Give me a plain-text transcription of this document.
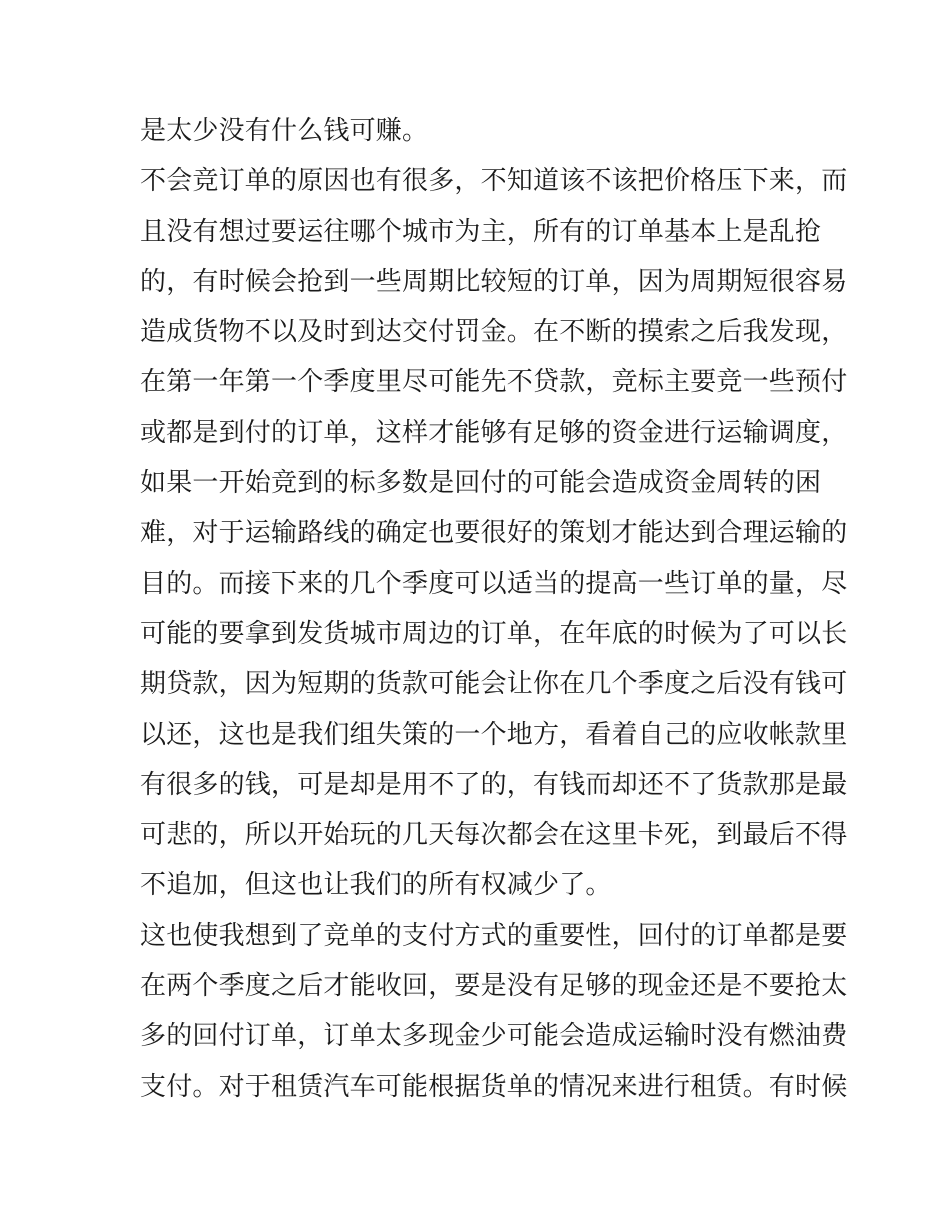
是太少没有什么钱可赚。
不会竞订单的原因也有很多，不知道该不该把价格压下来，而
且没有想过要运往哪个城市为主，所有的订单基本上是乱抢
的，有时候会抢到一些周期比较短的订单，因为周期短很容易
造成货物不以及时到达交付罚金。在不断的摸索之后我发现，
在第一年第一个季度里尽可能先不贷款，竞标主要竞一些预付
或都是到付的订单，这样才能够有足够的资金进行运输调度，
如果一开始竞到的标多数是回付的可能会造成资金周转的困
难，对于运输路线的确定也要很好的策划才能达到合理运输的
目的。而接下来的几个季度可以适当的提高一些订单的量，尽
可能的要拿到发货城市周边的订单，在年底的时候为了可以长
期贷款，因为短期的货款可能会让你在几个季度之后没有钱可
以还，这也是我们组失策的一个地方，看着自己的应收帐款里
有很多的钱，可是却是用不了的，有钱而却还不了货款那是最
可悲的，所以开始玩的几天每次都会在这里卡死，到最后不得
不追加，但这也让我们的所有权减少了。
这也使我想到了竞单的支付方式的重要性，回付的订单都是要
在两个季度之后才能收回，要是没有足够的现金还是不要抢太
多的回付订单，订单太多现金少可能会造成运输时没有燃油费
支付。对于租赁汽车可能根据货单的情况来进行租赁。有时候
